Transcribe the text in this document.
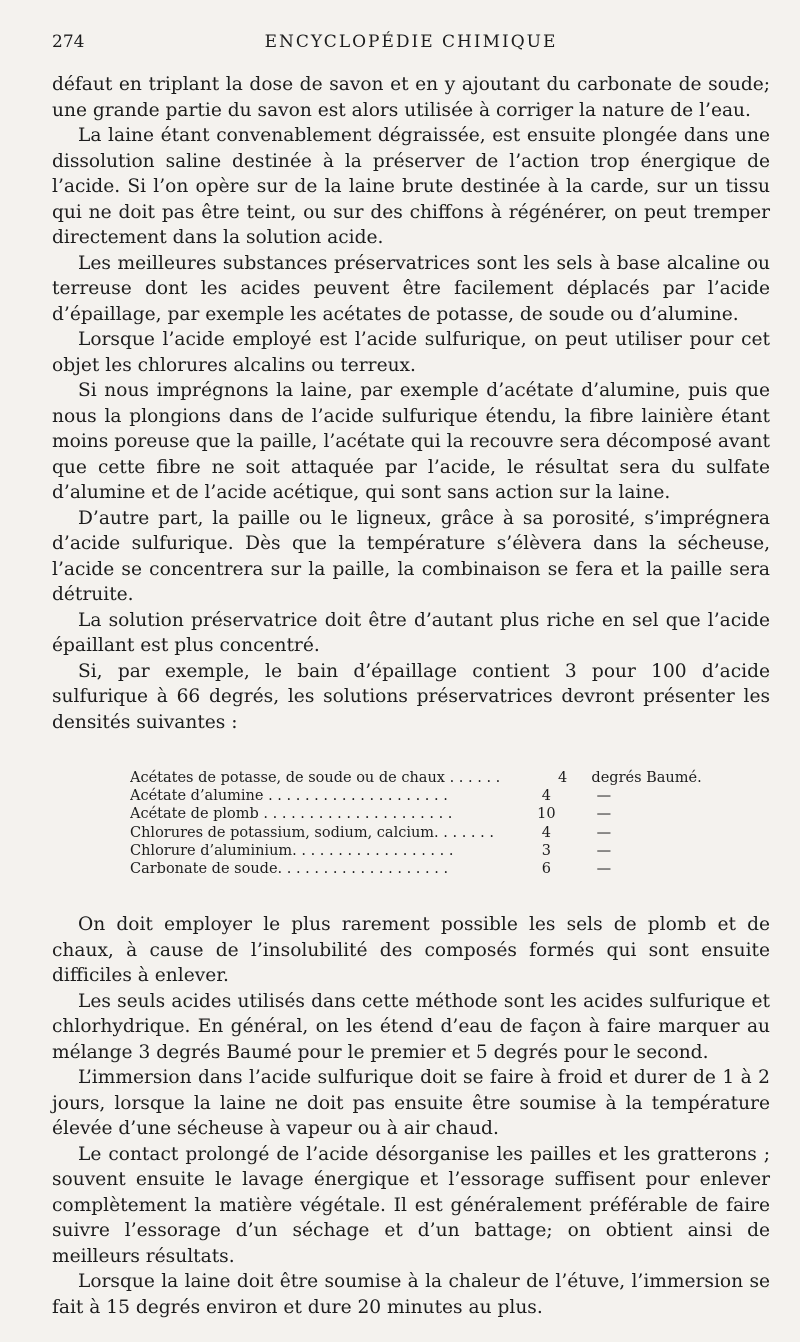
274	ENCYCLOPÉDIE CHIMIQUE

défaut en triplant la dose de savon et en y ajoutant du carbonate de soude; une grande partie du savon est alors utilisée à corriger la nature de l’eau.

La laine étant convenablement dégraissée, est ensuite plongée dans une dissolution saline destinée à la préserver de l’action trop énergique de l’acide. Si l’on opère sur de la laine brute destinée à la carde, sur un tissu qui ne doit pas être teint, ou sur des chiffons à régénérer, on peut tremper directement dans la solution acide.

Les meilleures substances préservatrices sont les sels à base alcaline ou terreuse dont les acides peuvent être facilement déplacés par l’acide d’épaillage, par exemple les acétates de potasse, de soude ou d’alumine.

Lorsque l’acide employé est l’acide sulfurique, on peut utiliser pour cet objet les chlorures alcalins ou terreux.

Si nous imprégnons la laine, par exemple d’acétate d’alumine, puis que nous la plongions dans de l’acide sulfurique étendu, la fibre lainière étant moins poreuse que la paille, l’acétate qui la recouvre sera décomposé avant que cette fibre ne soit attaquée par l’acide, le résultat sera du sulfate d’alumine et de l’acide acétique, qui sont sans action sur la laine.

D’autre part, la paille ou le ligneux, grâce à sa porosité, s’imprégnera d’acide sulfurique. Dès que la température s’élèvera dans la sécheuse, l’acide se concentrera sur la paille, la combinaison se fera et la paille sera détruite.

La solution préservatrice doit être d’autant plus riche en sel que l’acide épaillant est plus concentré.

Si, par exemple, le bain d’épaillage contient 3 pour 100 d’acide sulfurique à 66 degrés, les solutions préservatrices devront présenter les densités suivantes :

Acétates de potasse, de soude ou de chaux . . . . . .	4	degrés Baumé.
Acétate d’alumine . . . . . . . . . . . . . . . . . . . .	4	—
Acétate de plomb . . . . . . . . . . . . . . . . . . . . .	10	—
Chlorures de potassium, sodium, calcium. . . . . . .	4	—
Chlorure d’aluminium. . . . . . . . . . . . . . . . . .	3	—
Carbonate de soude. . . . . . . . . . . . . . . . . . .	6	—

On doit employer le plus rarement possible les sels de plomb et de chaux, à cause de l’insolubilité des composés formés qui sont ensuite difficiles à enlever.

Les seuls acides utilisés dans cette méthode sont les acides sulfurique et chlorhydrique. En général, on les étend d’eau de façon à faire marquer au mélange 3 degrés Baumé pour le premier et 5 degrés pour le second.

L’immersion dans l’acide sulfurique doit se faire à froid et durer de 1 à 2 jours, lorsque la laine ne doit pas ensuite être soumise à la température élevée d’une sécheuse à vapeur ou à air chaud.

Le contact prolongé de l’acide désorganise les pailles et les gratterons ; souvent ensuite le lavage énergique et l’essorage suffisent pour enlever complètement la matière végétale. Il est généralement préférable de faire suivre l’essorage d’un séchage et d’un battage; on obtient ainsi de meilleurs résultats.

Lorsque la laine doit être soumise à la chaleur de l’étuve, l’immersion se fait à 15 degrés environ et dure 20 minutes au plus.
